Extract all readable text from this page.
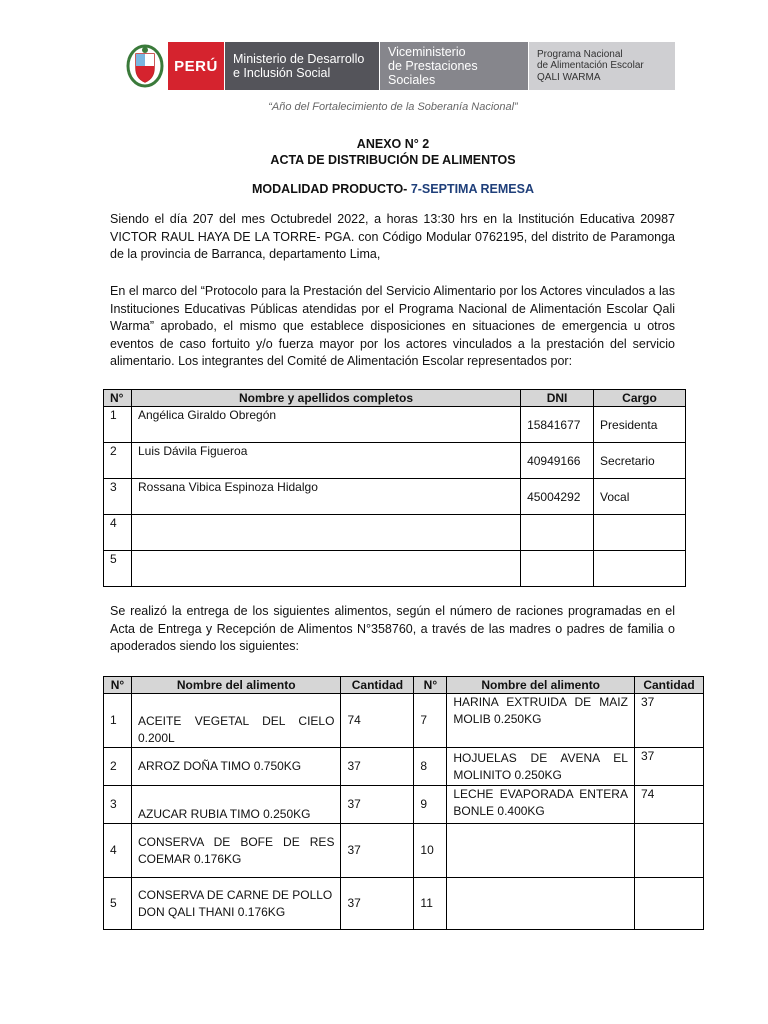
PERÚ	Ministerio de Desarrollo
e Inclusión Social
Viceministerio
de Prestaciones Sociales
Programa Nacional
de Alimentación Escolar
QALI WARMA
“Año del Fortalecimiento de la Soberanía Nacional”
ANEXO N° 2
ACTA DE DISTRIBUCIÓN DE ALIMENTOS
MODALIDAD PRODUCTO- 7-SEPTIMA REMESA
Siendo el día 207 del mes Octubredel 2022, a horas 13:30 hrs en la Institución Educativa 20987 VICTOR RAUL HAYA DE LA TORRE- PGA. con Código Modular 0762195, del distrito de Paramonga de la provincia de Barranca, departamento Lima,
En el marco del “Protocolo para la Prestación del Servicio Alimentario por los Actores vinculados a las Instituciones Educativas Públicas atendidas por el Programa Nacional de Alimentación Escolar Qali Warma” aprobado, el mismo que establece disposiciones en situaciones de emergencia u otros eventos de caso fortuito y/o fuerza mayor por los actores vinculados a la prestación del servicio alimentario. Los integrantes del Comité de Alimentación Escolar representados por:
N°	Nombre y apellidos completos	DNI	Cargo
1	Angélica Giraldo Obregón	15841677	Presidenta
2	Luis Dávila Figueroa	40949166	Secretario
3	Rossana Vibica Espinoza Hidalgo	45004292	Vocal
4			
5			
Se realizó la entrega de los siguientes alimentos, según el número de raciones programadas en el Acta de Entrega y Recepción de Alimentos N°358760, a través de las madres o padres de familia o apoderados siendo los siguientes:
N°	Nombre del alimento	Cantidad	N°	Nombre del alimento	Cantidad
1	ACEITE VEGETAL DEL CIELO 0.200L	74	7	HARINA EXTRUIDA DE MAIZ MOLIB 0.250KG	37
2	ARROZ DOÑA TIMO 0.750KG	37	8	HOJUELAS DE AVENA EL MOLINITO 0.250KG	37
3	AZUCAR RUBIA TIMO 0.250KG	37	9	LECHE EVAPORADA ENTERA BONLE 0.400KG	74
4	CONSERVA DE BOFE DE RES COEMAR 0.176KG	37	10		
5	CONSERVA DE CARNE DE POLLO DON QALI THANI 0.176KG	37	11		
